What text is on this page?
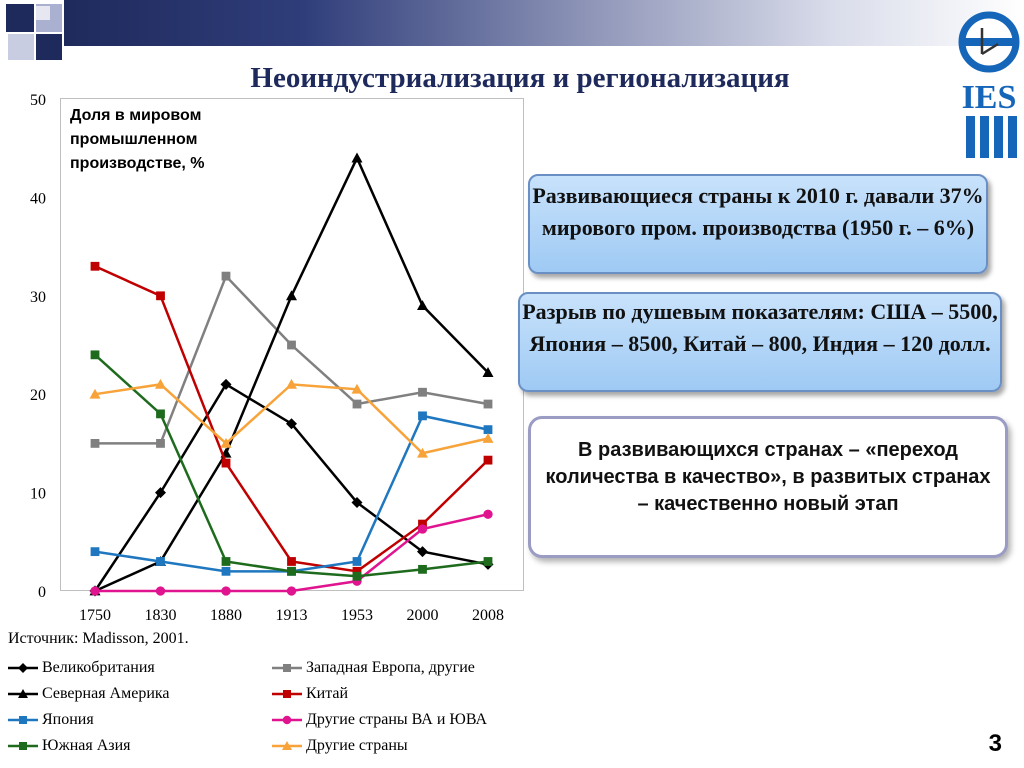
Неоиндустриализация и регионализация
IES
0
10
20
30
40
50
1750 1830 1880 1913 1953 2000 2008
Доля в мировом
промышленном
производстве, %
Источник: Madisson, 2001.
Великобритания	Западная Европа, другие
Северная Америка	Китай
Япония	Другие страны ВА и ЮВА
Южная Азия	Другие страны
Развивающиеся страны к 2010 г. давали 37% мирового пром. производства (1950 г. – 6%)
Разрыв по душевым показателям: США – 5500, Япония – 8500, Китай – 800, Индия – 120 долл.
В развивающихся странах – «переход количества в качество», в развитых странах – качественно новый этап
3
